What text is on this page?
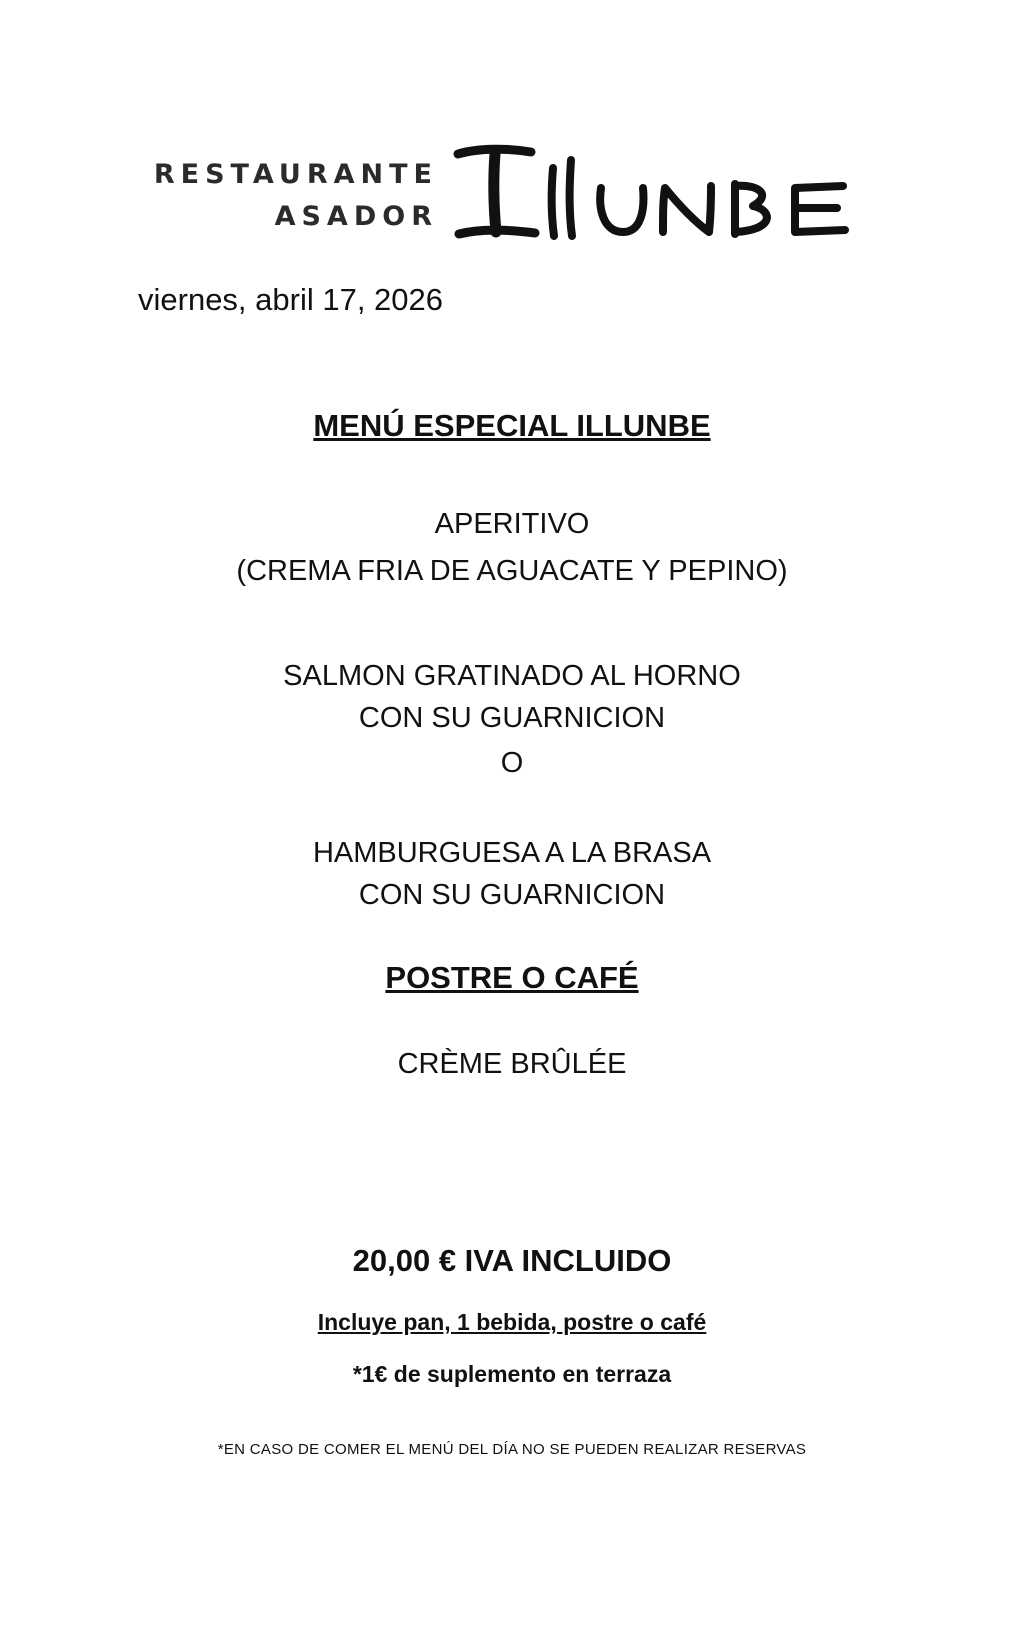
RESTAURANTE
ASADOR
viernes, abril 17, 2026
MENÚ ESPECIAL ILLUNBE
APERITIVO
(CREMA FRIA DE AGUACATE Y PEPINO)
SALMON GRATINADO AL HORNO
CON SU GUARNICION
O
HAMBURGUESA A LA BRASA
CON SU GUARNICION
POSTRE O CAFÉ
CRÈME BRÛLÉE
20,00 € IVA INCLUIDO
Incluye pan, 1 bebida, postre o café
*1€ de suplemento en terraza
*EN CASO DE COMER EL MENÚ DEL DÍA NO SE PUEDEN REALIZAR RESERVAS
